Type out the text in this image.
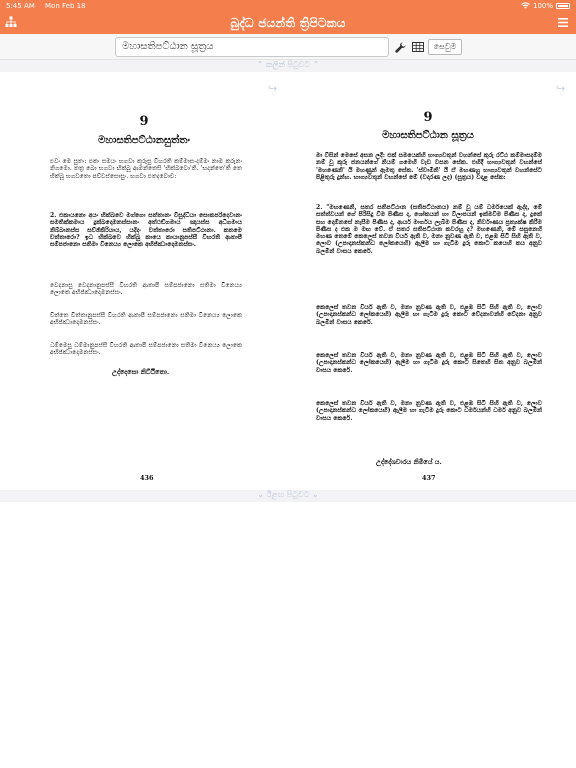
5:45 AM Mon Feb 18	100%
බුද්ධ ජයන්ති ත්‍රිපිටකය
මහාසතිපට්ඨාන සූත්‍රය	සෙවුම
⌃ කලින් පිටුවට ⌃
↪
9
මහාසතිපට්ඨානසුත්තං
එවං මෙ සුතං: එකං සමයං භගවා කුරූසු විහරති කම්මාස-දම්මං නාම කුරූනං නිගමො. තත්‍ර ඛො භගවා භික්ඛූ ආමන්තෙසි 'භික්ඛවො'ති. 'භදන්තෙ'ති තෙ භික්ඛූ භගවතො පච්චස්සොසුං. භගවා එතදවොච:
2. එකායනො අයං භික්ඛවෙ මග්ගො සත්තානං විසුද්ධියා සොකපරිදෙවානං සමතික්කමාය දුක්ඛදොමනස්සානං අත්ථඞ්ගමාය ඤායස්ස අධිගමාය නිබ්බානස්ස සච්ඡිකිරියාය, යදිදං චත්තාරො සතිපට්ඨානා. කතමෙ චත්තාරො? ඉධ භික්ඛවෙ භික්ඛු කායෙ කායානුපස්සී විහරති ආතාපී සම්පජානො සතිමා විනෙය්‍ය ලොකෙ අභිජ්ඣාදොමනස්සං.
වෙදනාසු වෙදනානුපස්සී විහරති ආතාපී සම්පජානො සතිමා විනෙය්‍ය ලොකෙ අභිජ්ඣාදොමනස්සං.
චිත්තෙ චිත්තානුපස්සී විහරති ආතාපී සම්පජානො සතිමා විනෙය්‍ය ලොකෙ අභිජ්ඣාදොමනස්සං.
ධම්මෙසු ධම්මානුපස්සී විහරති ආතාපී සම්පජානො සතිමා විනෙය්‍ය ලොකෙ අභිජ්ඣාදොමනස්සං.
උද්දෙසො නිට්ඨිතො.
436
↪
9
මහාසතිපට්ඨාන සූත්‍රය
මා විසින් මෙසේ අසන ලදී: එක් සමයෙක්හි භාග්‍යවතුන් වහන්සේ කුරු රට්ඨ කම්මාසදම්ම නම් වූ කුරු ජනයන්ගේ නියම් ගමෙහි වැඩ වසන සේක. එහිදී භාග්‍යවතුන් වහන්සේ 'මහණෙනි' යි මහණුන් ඇමතූ සේක. 'ස්වාමීනි' යි ඒ මහණහු භාග්‍යවතුන් වහන්සේට පිළිතුරු දුන්හ. භාග්‍යවතුන් වහන්සේ මේ (වදාරණ ලද) (සූත්‍රය) වදාළ සේක:
2. "මහණෙනි, සතර සතිපට්ඨාන (සතිපට්ඨානය) නම් වූ යම් ධර්මයෙක් ඇද්ද, මේ සත්ත්වයන් ගේ පිරිසිදු වීම පිණිස ද, ශෝකයන් හා විලාපයන් ඉක්මවීම පිණිස ද, දුකේ සහ දොම්නසේ නැසීම පිණිස ද, ආර්ය මාර්ගය ලැබීම පිණිස ද, නිර්වාණය ප්‍රත්‍යක්ෂ කිරීම පිණිස ද එක ම මඟ වේ. ඒ සතර සතිපට්ඨාන කවරහු ද? මහණෙනි, මේ සසුනෙහි මහණ තෙමේ කෙලෙස් තවන වීර්ය ඇති ව, මනා නුවණ ඇති ව, එළඹ සිටි සිහි ඇති ව, ලොව (උපාදානස්කන්ධ ලෝකයෙහි) ඇලීම හා ගැටීම දුරු කොට කයෙහි කය අනුව බලමින් වාසය කෙරේ.
කෙලෙස් තවන වීර්ය ඇති ව, මනා නුවණ ඇති ව, එළඹ සිටි සිහි ඇති ව, ලොව (උපාදානස්කන්ධ ලෝකයෙහි) ඇලීම හා ගැටීම දුරු කොට වේදනාවන්හි වේදනා අනුව බලමින් වාසය කෙරේ.
කෙලෙස් තවන වීර්ය ඇති ව, මනා නුවණ ඇති ව, එළඹ සිටි සිහි ඇති ව, ලොව (උපාදානස්කන්ධ ලෝකයෙහි) ඇලීම හා ගැටීම දුරු කොට සිතෙහි සිත අනුව බලමින් වාසය කෙරේ.
කෙලෙස් තවන වීර්ය ඇති ව, මනා නුවණ ඇති ව, එළඹ සිටි සිහි ඇති ව, ලොව (උපාදානස්කන්ධ ලෝකයෙහි) ඇලීම හා ගැටීම දුරු කොට ධර්මයන්හි ධර්ම අනුව බලමින් වාසය කෙරේ.
උද්දේශවාරය නිමියේ ය.
437
⌄ ඊළඟ පිටුවට ⌄
